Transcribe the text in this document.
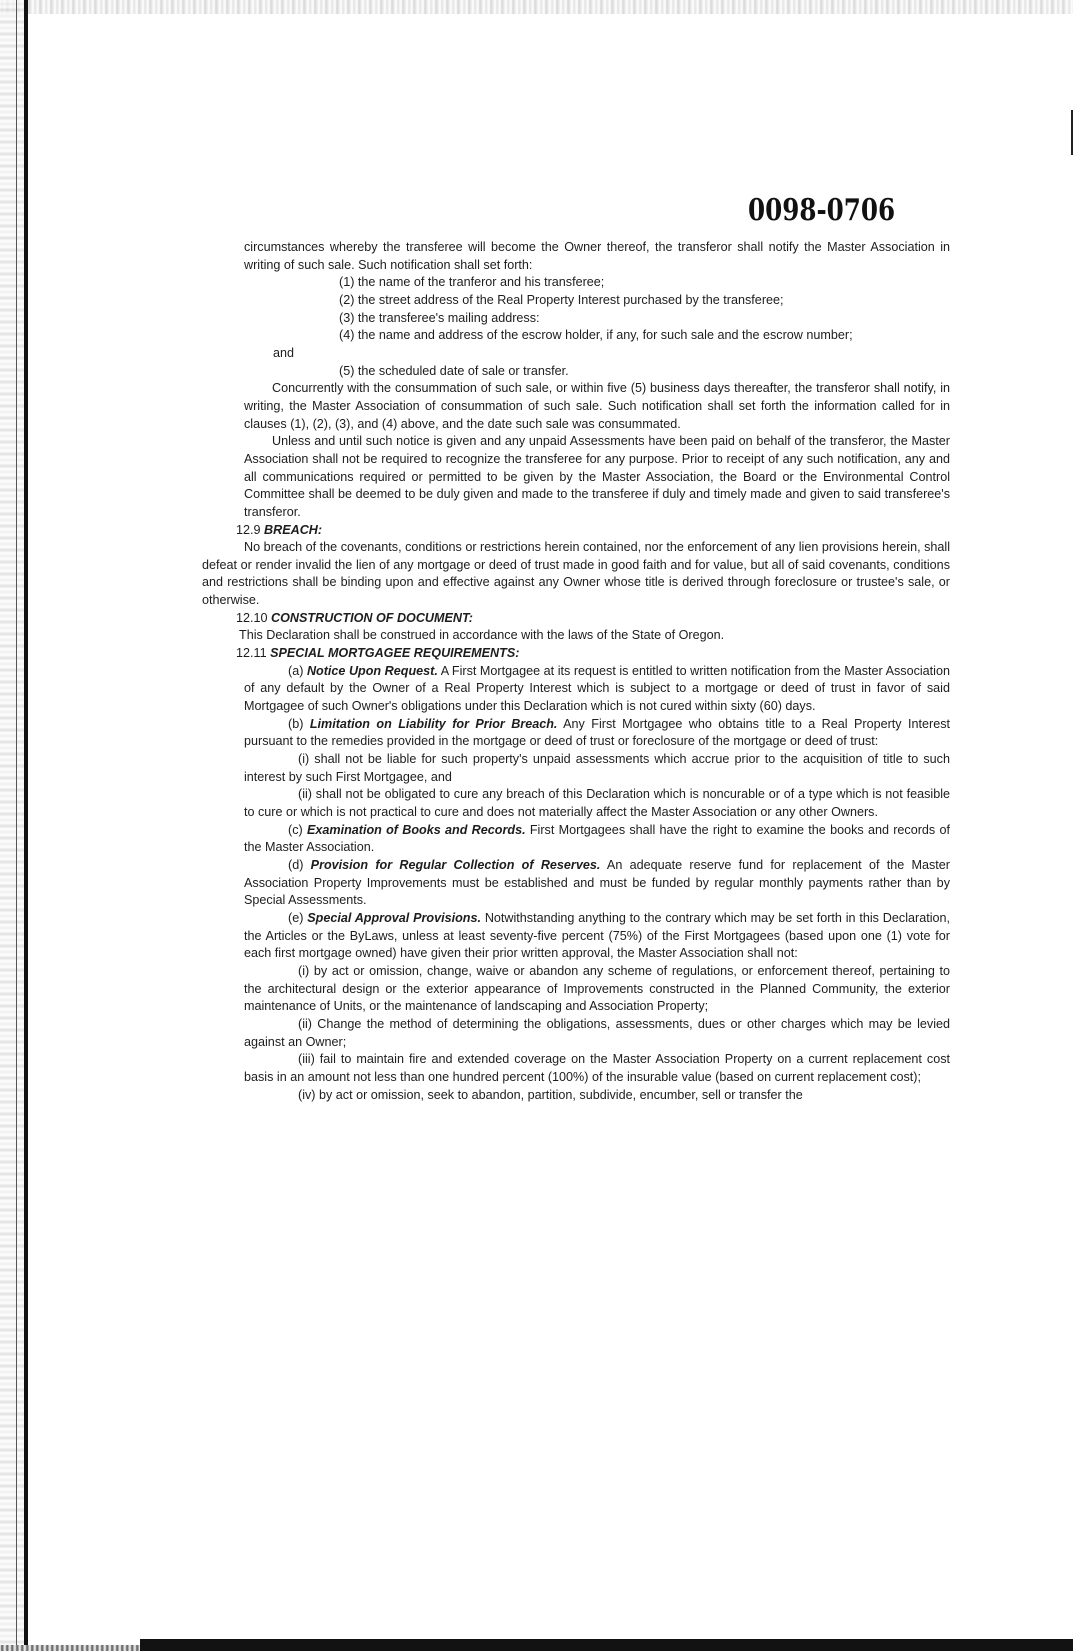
0098-0706

circumstances whereby the transferee will become the Owner thereof, the transferor shall notify the Master Association in writing of such sale. Such notification shall set forth:

(1) the name of the tranferor and his transferee;

(2) the street address of the Real Property Interest purchased by the transferee;

(3) the transferee's mailing address:

(4) the name and address of the escrow holder, if any, for such sale and the escrow number;

and

(5) the scheduled date of sale or transfer.

Concurrently with the consummation of such sale, or within five (5) business days thereafter, the transferor shall notify, in writing, the Master Association of consummation of such sale. Such notification shall set forth the information called for in clauses (1), (2), (3), and (4) above, and the date such sale was consummated.

Unless and until such notice is given and any unpaid Assessments have been paid on behalf of the transferor, the Master Association shall not be required to recognize the transferee for any purpose. Prior to receipt of any such notification, any and all communications required or permitted to be given by the Master Association, the Board or the Environmental Control Committee shall be deemed to be duly given and made to the transferee if duly and timely made and given to said transferee's transferor.

12.9 BREACH:

No breach of the covenants, conditions or restrictions herein contained, nor the enforcement of any lien provisions herein, shall defeat or render invalid the lien of any mortgage or deed of trust made in good faith and for value, but all of said covenants, conditions and restrictions shall be binding upon and effective against any Owner whose title is derived through foreclosure or trustee's sale, or otherwise.

12.10 CONSTRUCTION OF DOCUMENT:

This Declaration shall be construed in accordance with the laws of the State of Oregon.

12.11 SPECIAL MORTGAGEE REQUIREMENTS:

(a) Notice Upon Request. A First Mortgagee at its request is entitled to written notification from the Master Association of any default by the Owner of a Real Property Interest which is subject to a mortgage or deed of trust in favor of said Mortgagee of such Owner's obligations under this Declaration which is not cured within sixty (60) days.

(b) Limitation on Liability for Prior Breach. Any First Mortgagee who obtains title to a Real Property Interest pursuant to the remedies provided in the mortgage or deed of trust or foreclosure of the mortgage or deed of trust:

(i) shall not be liable for such property's unpaid assessments which accrue prior to the acquisition of title to such interest by such First Mortgagee, and

(ii) shall not be obligated to cure any breach of this Declaration which is noncurable or of a type which is not feasible to cure or which is not practical to cure and does not materially affect the Master Association or any other Owners.

(c) Examination of Books and Records. First Mortgagees shall have the right to examine the books and records of the Master Association.

(d) Provision for Regular Collection of Reserves. An adequate reserve fund for replacement of the Master Association Property Improvements must be established and must be funded by regular monthly payments rather than by Special Assessments.

(e) Special Approval Provisions. Notwithstanding anything to the contrary which may be set forth in this Declaration, the Articles or the ByLaws, unless at least seventy-five percent (75%) of the First Mortgagees (based upon one (1) vote for each first mortgage owned) have given their prior written approval, the Master Association shall not:

(i) by act or omission, change, waive or abandon any scheme of regulations, or enforcement thereof, pertaining to the architectural design or the exterior appearance of Improvements constructed in the Planned Community, the exterior maintenance of Units, or the maintenance of landscaping and Association Property;

(ii) Change the method of determining the obligations, assessments, dues or other charges which may be levied against an Owner;

(iii) fail to maintain fire and extended coverage on the Master Association Property on a current replacement cost basis in an amount not less than one hundred percent (100%) of the insurable value (based on current replacement cost);

(iv) by act or omission, seek to abandon, partition, subdivide, encumber, sell or transfer the
